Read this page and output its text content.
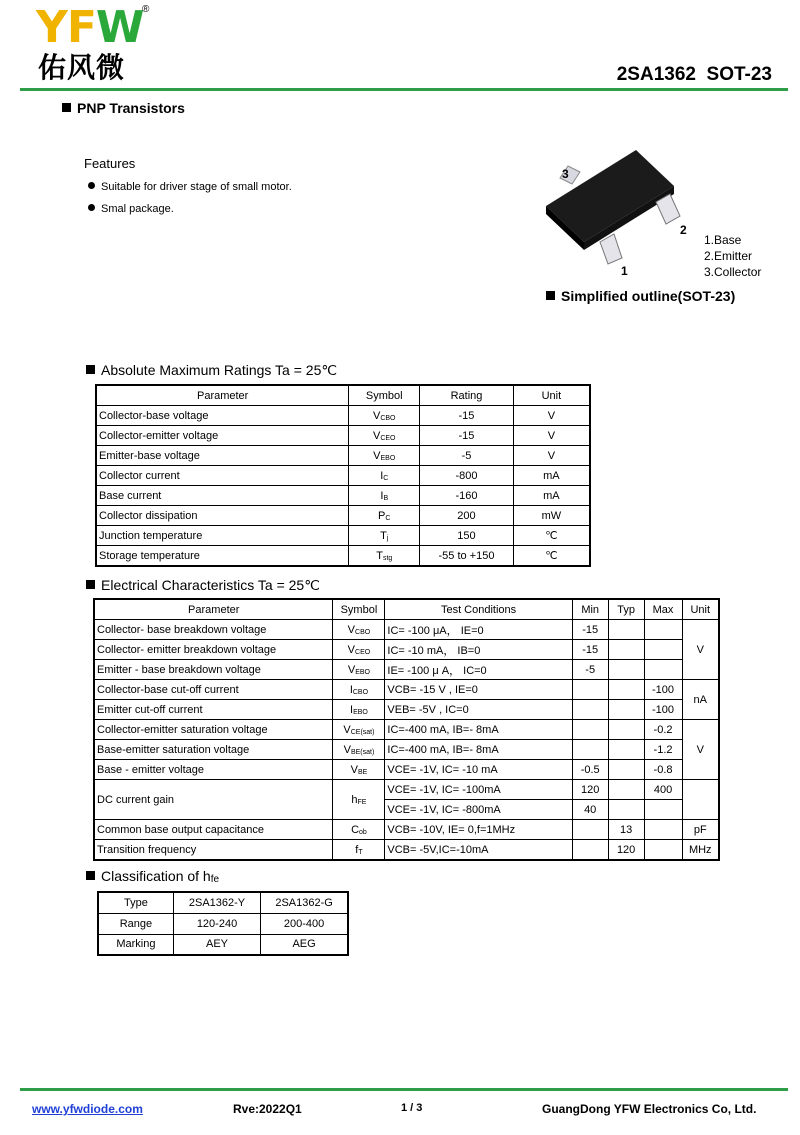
YFW
®
佑风微	2SA1362  SOT-23
PNP Transistors
Features
Suitable for driver stage of small motor.
Smal package.
3
2
1
1.Base
2.Emitter
3.Collector
Simplified outline(SOT-23)
Absolute Maximum Ratings Ta = 25℃
Parameter	Symbol	Rating	Unit
Collector-base voltage	$V_{CBO}$	-15	V
Collector-emitter voltage	$V_{CEO}$	-15	V
Emitter-base voltage	$V_{EBO}$	-5	V
Collector current	$I_C$	-800	mA
Base current	$I_B$	-160	mA
Collector dissipation	$P_C$	200	mW
Junction temperature	$T_j$	150	℃
Storage temperature	$T_{stg}$	-55 to +150	℃
Electrical Characteristics Ta = 25℃
Parameter	Symbol	Test Conditions	Min	Typ	Max	Unit
Collector- base breakdown voltage	$V_{CBO}$	IC= -100 μA， IE=0	-15			V
Collector- emitter breakdown voltage	$V_{CEO}$	IC= -10 mA， IB=0	-15			
Emitter - base breakdown voltage	$V_{EBO}$	IE= -100 μ A， IC=0	-5			
Collector-base cut-off current	$I_{CBO}$	VCB= -15 V , IE=0			-100	nA
Emitter cut-off current	$I_{EBO}$	VEB= -5V , IC=0			-100	
Collector-emitter saturation voltage	$V_{CE(sat)}$	IC=-400 mA, IB=- 8mA			-0.2	V
Base-emitter saturation voltage	$V_{BE(sat)}$	IC=-400 mA, IB=- 8mA			-1.2	
Base - emitter voltage	$V_{BE}$	VCE= -1V, IC= -10 mA	-0.5		-0.8	
DC current gain	$h_{FE}$	VCE= -1V, IC= -100mA	120		400	
		VCE= -1V, IC= -800mA	40			
Common base output capacitance	$C_{ob}$	VCB= -10V, IE= 0,f=1MHz		13		pF
Transition frequency	$f_T$	VCB= -5V,IC=-10mA		120		MHz
Classification of $h_{fe}$
Type	2SA1362-Y	2SA1362-G
Range	120-240	200-400
Marking	AEY	AEG
www.yfwdiode.com	Rve:2022Q1	1 / 3	GuangDong YFW Electronics Co, Ltd.
